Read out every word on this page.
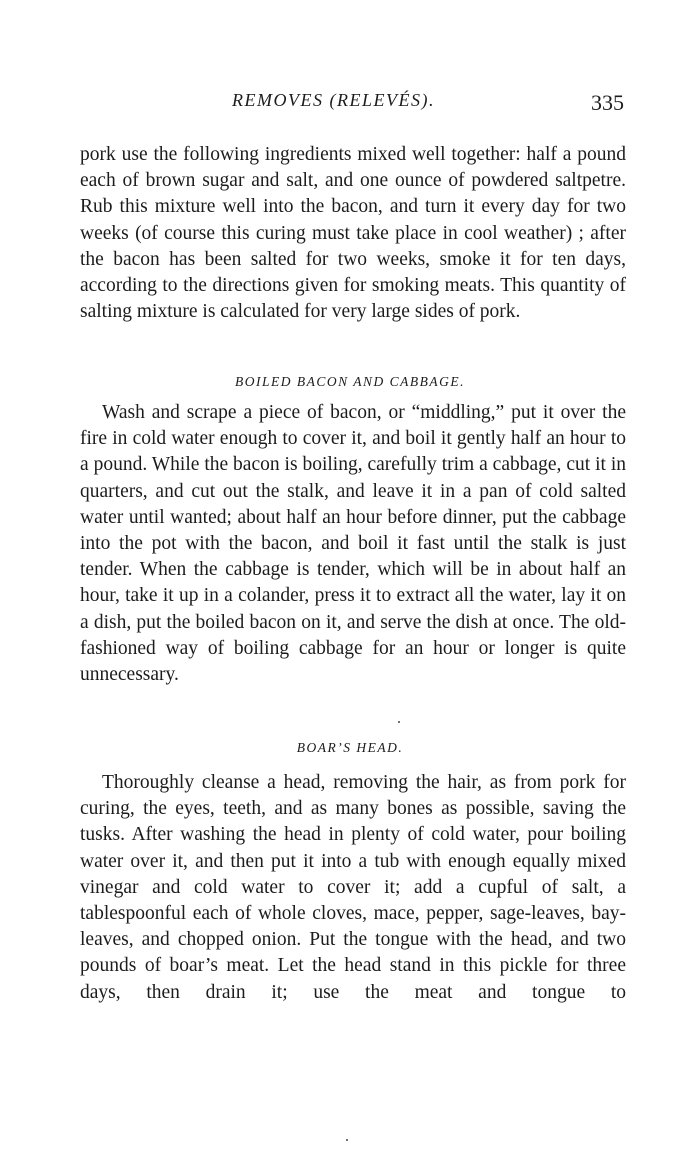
REMOVES (RELEVÉS).	335

pork use the following ingredients mixed well together: half a pound each of brown sugar and salt, and one ounce of powdered saltpetre. Rub this mixture well into the bacon, and turn it every day for two weeks (of course this curing must take place in cool weather) ; after the bacon has been salted for two weeks, smoke it for ten days, according to the directions given for smoking meats. This quantity of salting mixture is calculated for very large sides of pork.

BOILED BACON AND CABBAGE.

Wash and scrape a piece of bacon, or “middling,” put it over the fire in cold water enough to cover it, and boil it gently half an hour to a pound. While the bacon is boiling, carefully trim a cabbage, cut it in quarters, and cut out the stalk, and leave it in a pan of cold salted water until wanted; about half an hour before dinner, put the cabbage into the pot with the bacon, and boil it fast until the stalk is just tender. When the cabbage is tender, which will be in about half an hour, take it up in a colander, press it to extract all the water, lay it on a dish, put the boiled bacon on it, and serve the dish at once. The old-fashioned way of boiling cabbage for an hour or longer is quite unnecessary.

BOAR’S HEAD.

Thoroughly cleanse a head, removing the hair, as from pork for curing, the eyes, teeth, and as many bones as possible, saving the tusks. After washing the head in plenty of cold water, pour boiling water over it, and then put it into a tub with enough equally mixed vinegar and cold water to cover it; add a cupful of salt, a tablespoonful each of whole cloves, mace, pepper, sage-leaves, bay-leaves, and chopped onion. Put the tongue with the head, and two pounds of boar’s meat. Let the head stand in this pickle for three days, then drain it; use the meat and tongue to
